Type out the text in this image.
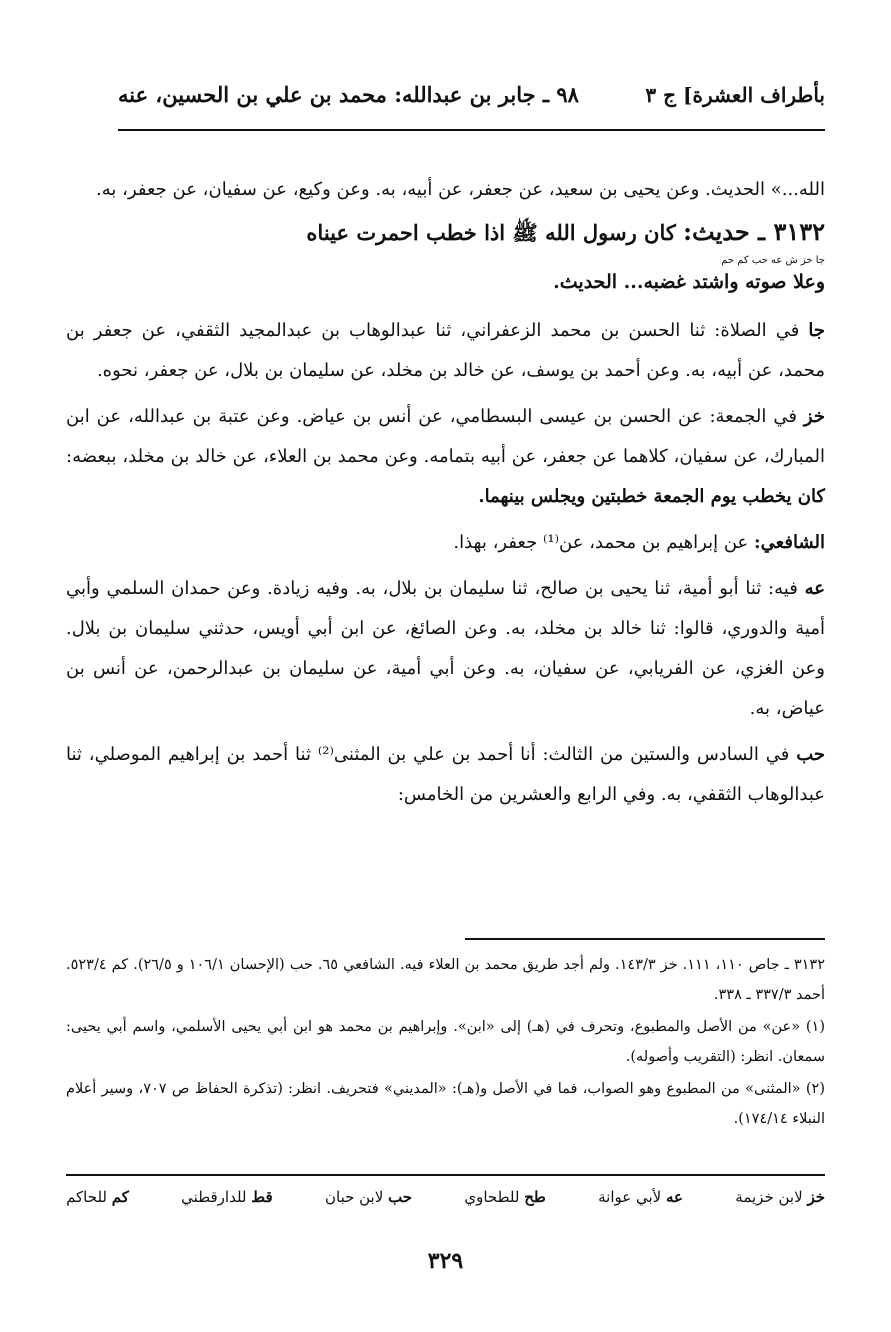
بأطراف العشرة] ج ٣
٩٨ ـ جابر بن عبدالله: محمد بن علي بن الحسين، عنه

الله...» الحديث. وعن يحيى بن سعيد، عن جعفر، عن أبيه، به. وعن وكيع، عن سفيان، عن جعفر، به.

٣١٣٢ ـ حديث: كان رسول الله ﷺ اذا خطب احمرت عيناه

جا خز ش عه حب كم حم

وعلا صوته واشتد غضبه... الحديث.

جا في الصلاة: ثنا الحسن بن محمد الزعفراني، ثنا عبدالوهاب بن عبدالمجيد الثقفي، عن جعفر بن محمد، عن أبيه، به. وعن أحمد بن يوسف، عن خالد بن مخلد، عن سليمان بن بلال، عن جعفر، نحوه.

خز في الجمعة: عن الحسن بن عيسى البسطامي، عن أنس بن عياض. وعن عتبة بن عبدالله، عن ابن المبارك، عن سفيان، كلاهما عن جعفر، عن أبيه بتمامه. وعن محمد بن العلاء، عن خالد بن مخلد، ببعضه: كان يخطب يوم الجمعة خطبتين ويجلس بينهما.

الشافعي: عن إبراهيم بن محمد، عن⁽¹⁾ جعفر، بهذا.

عه فيه: ثنا أبو أمية، ثنا يحيى بن صالح، ثنا سليمان بن بلال، به. وفيه زيادة. وعن حمدان السلمي وأبي أمية والدوري، قالوا: ثنا خالد بن مخلد، به. وعن الصائغ، عن ابن أبي أويس، حدثني سليمان بن بلال. وعن الغزي، عن الفريابي، عن سفيان، به. وعن أبي أمية، عن سليمان بن عبدالرحمن، عن أنس بن عياض، به.

حب في السادس والستين من الثالث: أنا أحمد بن علي بن المثنى⁽²⁾ ثنا أحمد بن إبراهيم الموصلي، ثنا عبدالوهاب الثقفي، به. وفي الرابع والعشرين من الخامس:

٣١٣٢ ـ جاص ١١٠، ١١١. خز ١٤٣/٣. ولم أجد طريق محمد بن العلاء فيه. الشافعي ٦٥. حب (الإحسان ١٠٦/١ و ٢٦/٥). كم ٥٢٣/٤. أحمد ٣٣٧/٣ ـ ٣٣٨.

(١) «عن» من الأصل والمطبوع، وتحرف في (هـ) إلى «ابن». وإبراهيم بن محمد هو ابن أبي يحيى الأسلمي، واسم أبي يحيى: سمعان. انظر: (التقريب وأصوله).

(٢) «المثنى» من المطبوع وهو الصواب، فما في الأصل و(هـ): «المديني» فتحريف. انظر: (تذكرة الحفاظ ص ٧٠٧، وسير أعلام النبلاء ١٧٤/١٤).

خز لابن خزيمة
عه لأبي عوانة
طح للطحاوي
حب لابن حبان
قط للدارقطني
كم للحاكم
٣٢٩
